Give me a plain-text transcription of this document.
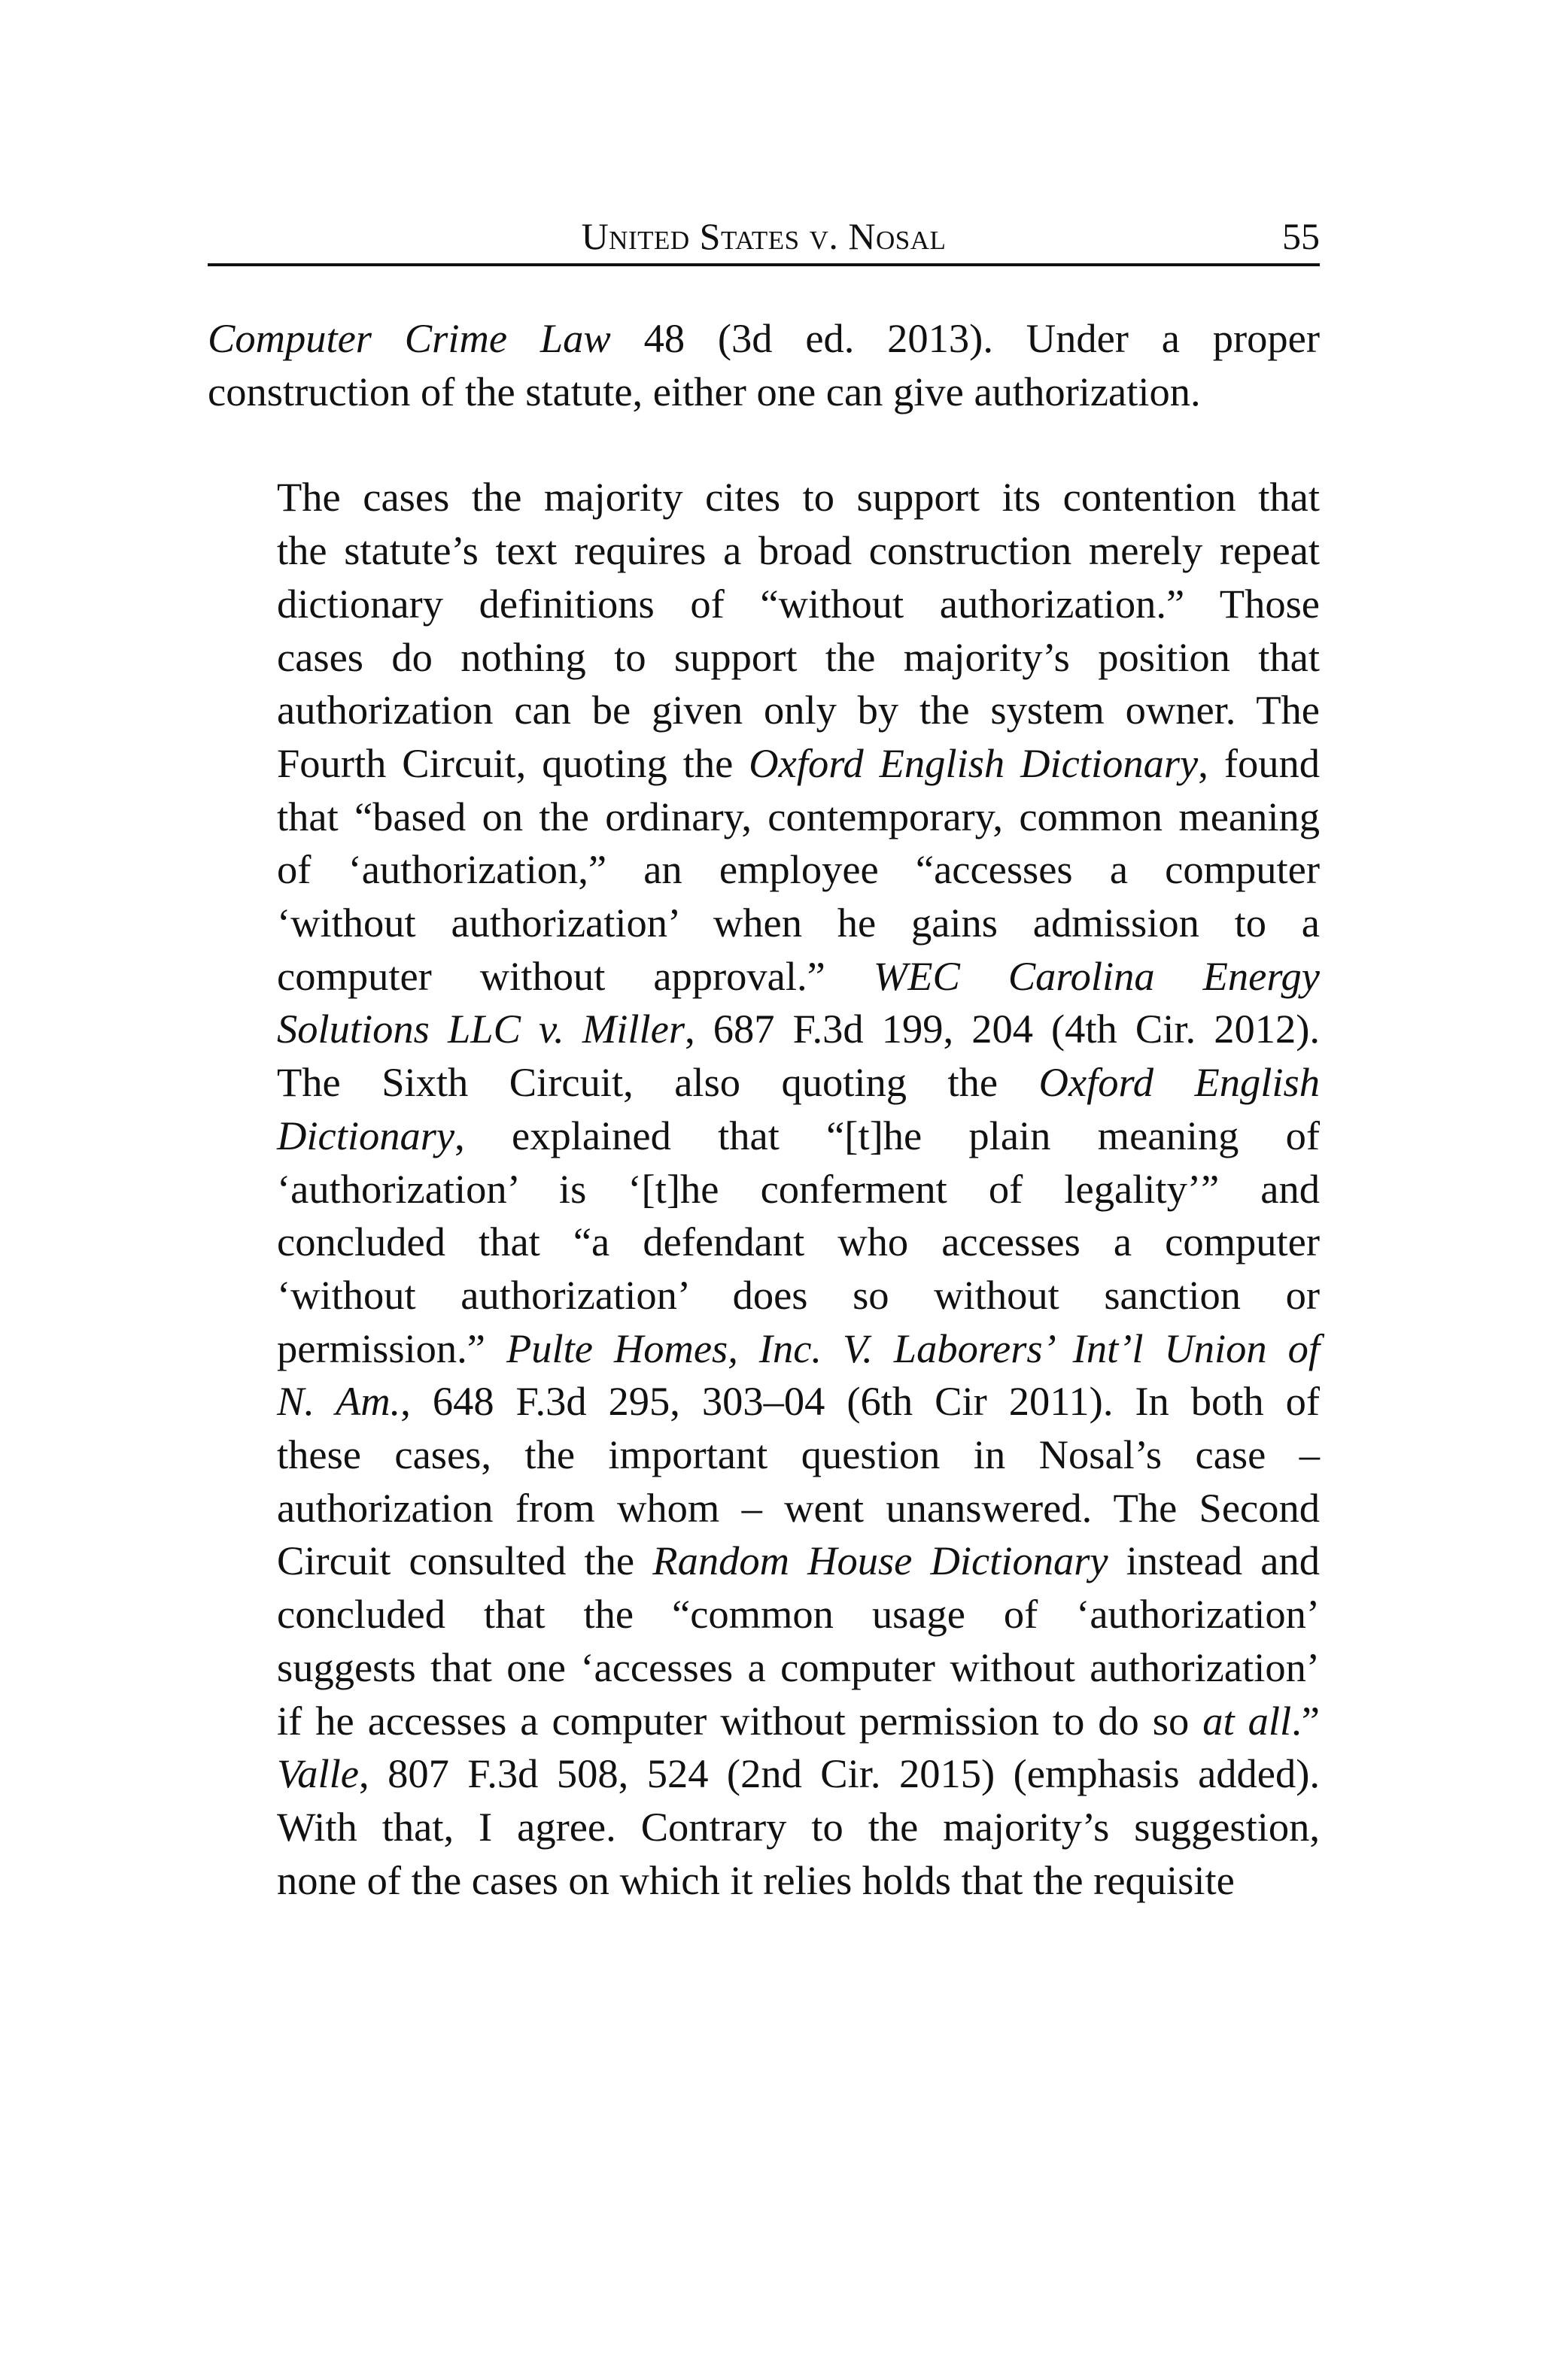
United States v. Nosal	55
Computer Crime Law 48 (3d ed. 2013). Under a proper
construction of the statute, either one can give authorization.
The cases the majority cites to support its contention that
the statute’s text requires a broad construction merely repeat
dictionary definitions of “without authorization.” Those
cases do nothing to support the majority’s position that
authorization can be given only by the system owner. The
Fourth Circuit, quoting the Oxford English Dictionary, found
that “based on the ordinary, contemporary, common meaning
of ‘authorization,” an employee “accesses a computer
‘without authorization’ when he gains admission to a
computer without approval.” WEC Carolina Energy
Solutions LLC v. Miller, 687 F.3d 199, 204 (4th Cir. 2012).
The Sixth Circuit, also quoting the Oxford English
Dictionary, explained that “[t]he plain meaning of
‘authorization’ is ‘[t]he conferment of legality’” and
concluded that “a defendant who accesses a computer
‘without authorization’ does so without sanction or
permission.” Pulte Homes, Inc. V. Laborers’ Int’l Union of
N. Am., 648 F.3d 295, 303–04 (6th Cir 2011). In both of
these cases, the important question in Nosal’s case –
authorization from whom – went unanswered. The Second
Circuit consulted the Random House Dictionary instead and
concluded that the “common usage of ‘authorization’
suggests that one ‘accesses a computer without authorization’
if he accesses a computer without permission to do so at all.”
Valle, 807 F.3d 508, 524 (2nd Cir. 2015) (emphasis added).
With that, I agree. Contrary to the majority’s suggestion,
none of the cases on which it relies holds that the requisite
